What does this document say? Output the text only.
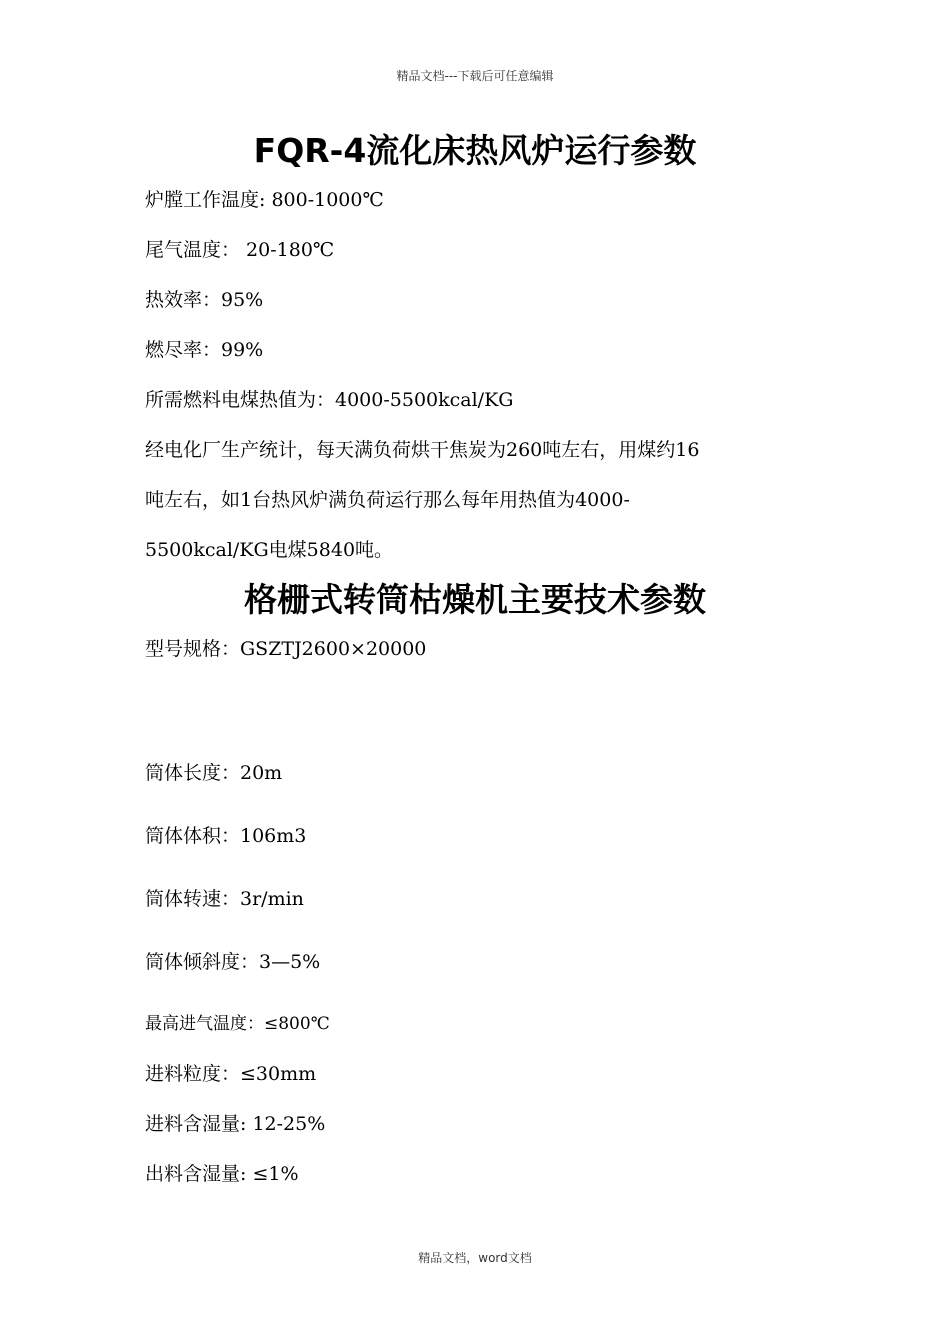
精品文档---下载后可任意编辑
FQR-4流化床热风炉运行参数
炉膛工作温度: 800-1000℃
尾气温度： 20-180℃
热效率：95%
燃尽率：99%
所需燃料电煤热值为：4000-5500kcal/KG
经电化厂生产统计，每天满负荷烘干焦炭为260吨左右，用煤约16
吨左右，如1台热风炉满负荷运行那么每年用热值为4000-
5500kcal/KG电煤5840吨。
格栅式转筒枯燥机主要技术参数
型号规格：GSZTJ2600×20000
筒体长度：20m
筒体体积：106m3
筒体转速：3r/min
筒体倾斜度：3—5%
最高进气温度：≤800℃
进料粒度：≤30mm
进料含湿量: 12-25%
出料含湿量: ≤1%
精品文档，word文档
